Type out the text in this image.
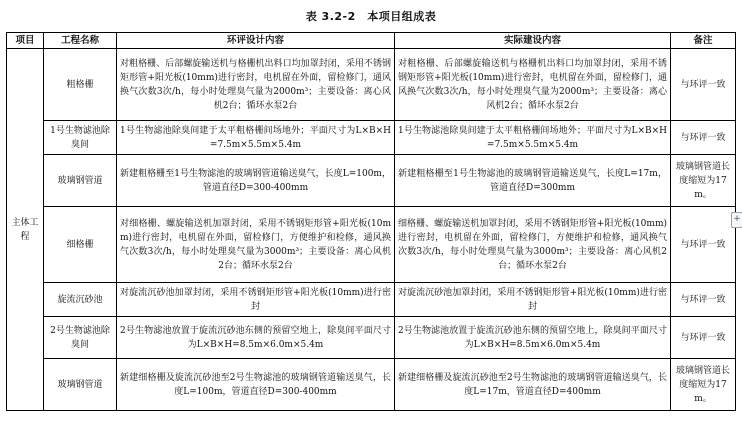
表 3.2-2　本项目组成表
项目	工程名称	环评设计内容	实际建设内容	备注
主体工程	粗格栅	对粗格栅、后部螺旋输送机与格栅机出料口均加罩封闭，采用不锈钢矩形管+阳光板(10mm)进行密封，电机留在外面，留检修门，通风换气次数3次/h，每小时处理臭气量为2000m³；主要设备：离心风机2台；循环水泵2台	对粗格栅、后部螺旋输送机与格栅机出料口均加罩封闭，采用不锈钢矩形管+阳光板(10mm)进行密封，电机留在外面，留检修门，通风换气次数3次/h，每小时处理臭气量为2000m³；主要设备：离心风机2台；循环水泵2台	与环评一致
	1号生物滤池除臭间	1号生物滤池除臭间建于太平粗格栅间场地外；平面尺寸为L×B×H=7.5m×5.5m×5.4m	1号生物滤池除臭间建于太平粗格栅间场地外；平面尺寸为L×B×H=7.5m×5.5m×5.4m	与环评一致
	玻璃钢管道	新建粗格栅至1号生物滤池的玻璃钢管道输送臭气，长度L=100m，管道直径D=300-400mm	新建粗格栅至1号生物滤池的玻璃钢管道输送臭气，长度L=17m，管道直径D=300mm	玻璃钢管道长度缩短为17m。
	细格栅	对细格栅、螺旋输送机加罩封闭，采用不锈钢矩形管+阳光板(10mm)进行密封，电机留在外面，留检修门，方便维护和检修，通风换气次数3次/h，每小时处理臭气量为3000m³；主要设备：离心风机2台；循环水泵2台	细格栅、螺旋输送机加罩封闭，采用不锈钢矩形管+阳光板(10mm)进行密封，电机留在外面，留检修门，方便维护和检修，通风换气次数3次/h，每小时处理臭气量为3000m³；主要设备：离心风机2台；循环水泵2台	与环评一致
	旋流沉砂池	对旋流沉砂池加罩封闭，采用不锈钢矩形管+阳光板(10mm)进行密封	对旋流沉砂池加罩封闭，采用不锈钢矩形管+阳光板(10mm)进行密封	与环评一致
	2号生物滤池除臭间	2号生物滤池放置于旋流沉砂池东侧的预留空地上，除臭间平面尺寸为L×B×H=8.5m×6.0m×5.4m	2号生物滤池放置于旋流沉砂池东侧的预留空地上，除臭间平面尺寸为L×B×H=8.5m×6.0m×5.4m	与环评一致
	玻璃钢管道	新建细格栅及旋流沉砂池至2号生物滤池的玻璃钢管道输送臭气，长度L=100m，管道直径D=300-400mm	新建细格栅及旋流沉砂池至2号生物滤池的玻璃钢管道输送臭气，长度L=17m，管道直径D=400mm	玻璃钢管道长度缩短为17m。
+
